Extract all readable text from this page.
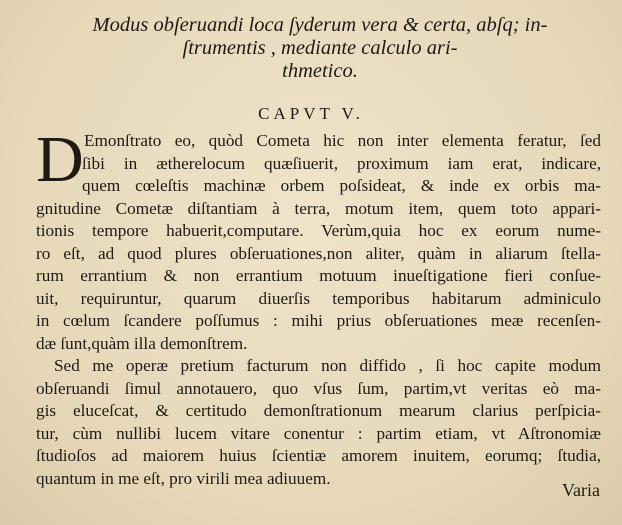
Modus obſeruandi loca ſyderum vera & certa, abſq; in-
ſtrumentis , mediante calculo ari-
thmetico.
CAPVT V.
D Emonſtrato eo, quòd Cometa hic non inter elementa feratur, ſed
ſibi in ætherelocum quæſiuerit, proximum iam erat, indicare,
quem cœleſtis machinæ orbem poſsideat, & inde ex orbis ma-
gnitudine Cometæ diſtantiam à terra, motum item, quem toto appari-
tionis tempore habuerit,computare. Verùm,quia hoc ex eorum nume-
ro eſt, ad quod plures obſeruationes,non aliter, quàm in aliarum ſtella-
rum errantium & non errantium motuum inueſtigatione fieri conſue-
uit, requiruntur, quarum diuerſis temporibus habitarum adminiculo
in cœlum ſcandere poſſumus : mihi prius obſeruationes meæ recenſen-
dæ ſunt,quàm illa demonſtrem.
Sed me operæ pretium facturum non diffido , ſi hoc capite modum
obſeruandi ſimul annotauero, quo vſus ſum, partim,vt veritas eò ma-
gis eluceſcat, & certitudo demonſtrationum mearum clarius perſpicia-
tur, cùm nullibi lucem vitare conentur : partim etiam, vt Aſtronomiæ
ſtudioſos ad maiorem huius ſcientiæ amorem inuitem, eorumq; ſtudia,
quantum in me eſt, pro virili mea adiuuem.
Varia
